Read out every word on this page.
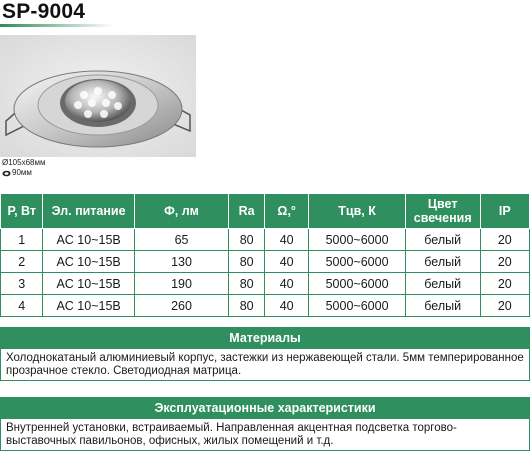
SP-9004
Ø105x68мм
90мм
Р, Вт	Эл. питание	Ф, лм	Ra	Ω,°	Тцв, К	Цвет свечения	IP
1	AC 10~15В	65	80	40	5000~6000	белый	20
2	AC 10~15В	130	80	40	5000~6000	белый	20
3	AC 10~15В	190	80	40	5000~6000	белый	20
4	AC 10~15В	260	80	40	5000~6000	белый	20
Материалы
Холоднокатаный алюминиевый корпус, застежки из нержавеющей стали. 5мм темперированное прозрачное стекло. Светодиодная матрица.
Эксплуатационные характеристики
Внутренней установки, встраиваемый. Направленная акцентная подсветка торгово-выставочных павильонов, офисных, жилых помещений и т.д.
